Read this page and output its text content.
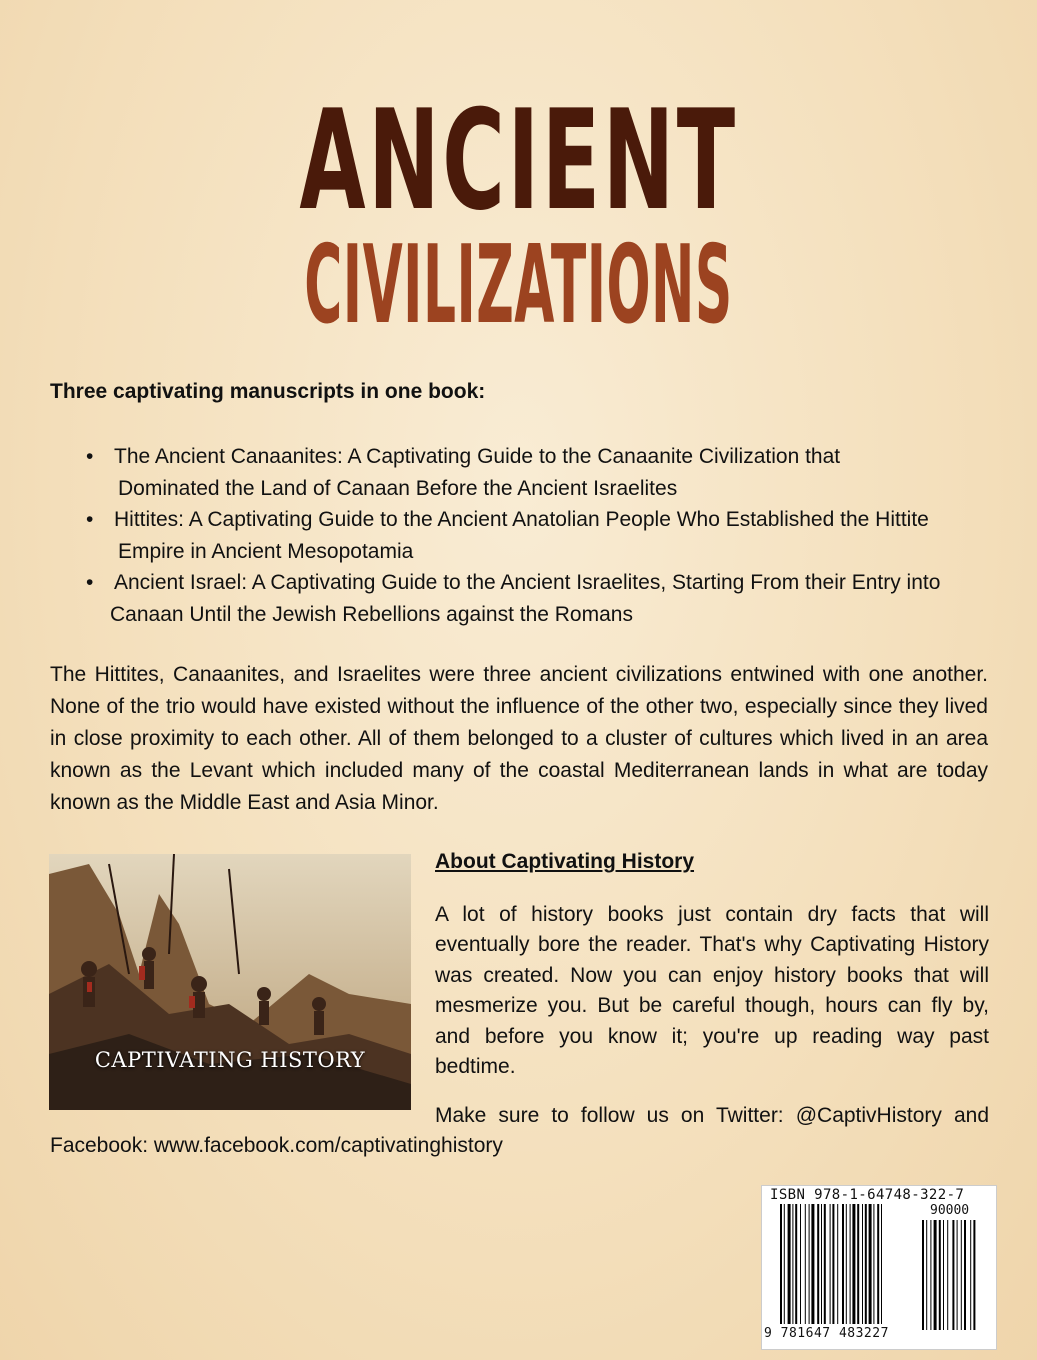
ANCIENT
CIVILIZATIONS
Three captivating manuscripts in one book:
• The Ancient Canaanites: A Captivating Guide to the Canaanite Civilization that
Dominated the Land of Canaan Before the Ancient Israelites
• Hittites: A Captivating Guide to the Ancient Anatolian People Who Established the Hittite
Empire in Ancient Mesopotamia
• Ancient Israel: A Captivating Guide to the Ancient Israelites, Starting From their Entry into
Canaan Until the Jewish Rebellions against the Romans

The Hittites, Canaanites, and Israelites were three ancient civilizations entwined with one another. None of the trio would have existed without the influence of the other two, especially since they lived in close proximity to each other. All of them belonged to a cluster of cultures which lived in an area known as the Levant which included many of the coastal Mediterranean lands in what are today known as the Middle East and Asia Minor.

CAPTIVATING HISTORY
About Captivating History

A lot of history books just contain dry facts that will eventually bore the reader. That's why Captivating History was created. Now you can enjoy history books that will mesmerize you. But be careful though, hours can fly by, and before you know it; you're up reading way past bedtime.

Make sure to follow us on Twitter: @CaptivHistory and
Facebook: www.facebook.com/captivatinghistory
ISBN 978-1-64748-322-7
90000
9 781647 483227
